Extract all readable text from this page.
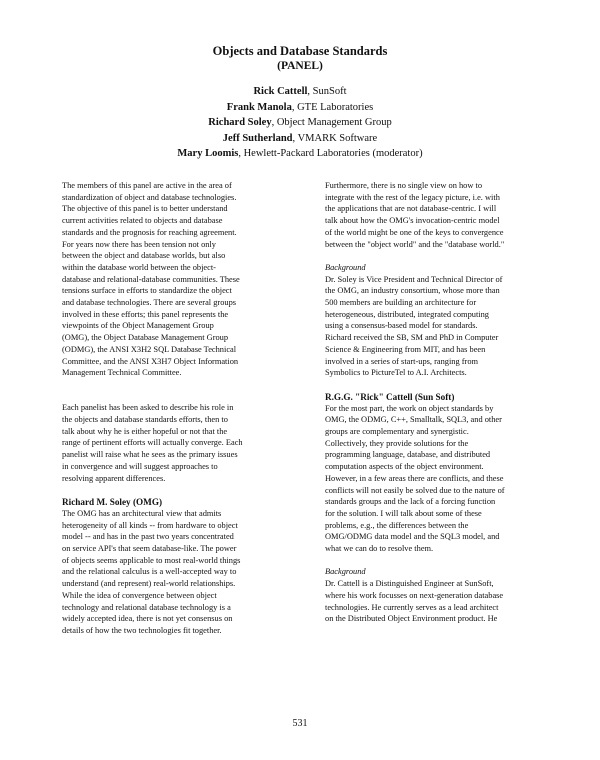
Objects and Database Standards
(PANEL)
Rick Cattell, SunSoft
Frank Manola, GTE Laboratories
Richard Soley, Object Management Group
Jeff Sutherland, VMARK Software
Mary Loomis, Hewlett-Packard Laboratories (moderator)

The members of this panel are active in the area of

standardization of object and database technologies.

The objective of this panel is to better understand

current activities related to objects and database

standards and the prognosis for reaching agreement.

For years now there has been tension not only

between the object and database worlds, but also

within the database world between the object-

database and relational-database communities. These

tensions surface in efforts to standardize the object

and database technologies. There are several groups

involved in these efforts; this panel represents the

viewpoints of the Object Management Group

(OMG), the Object Database Management Group

(ODMG), the ANSI X3H2 SQL Database Technical

Committee, and the ANSI X3H7 Object Information

Management Technical Committee.

Each panelist has been asked to describe his role in

the objects and database standards efforts, then to

talk about why he is either hopeful or not that the

range of pertinent efforts will actually converge. Each

panelist will raise what he sees as the primary issues

in convergence and will suggest approaches to

resolving apparent differences.

Richard M. Soley (OMG)

The OMG has an architectural view that admits

heterogeneity of all kinds -- from hardware to object

model -- and has in the past two years concentrated

on service API's that seem database-like. The power

of objects seems applicable to most real-world things

and the relational calculus is a well-accepted way to

understand (and represent) real-world relationships.

While the idea of convergence between object

technology and relational database technology is a

widely accepted idea, there is not yet consensus on

details of how the two technologies fit together.

Furthermore, there is no single view on how to

integrate with the rest of the legacy picture, i.e. with

the applications that are not database-centric. I will

talk about how the OMG's invocation-centric model

of the world might be one of the keys to convergence

between the "object world" and the "database world."

Background

Dr. Soley is Vice President and Technical Director of

the OMG, an industry consortium, whose more than

500 members are building an architecture for

heterogeneous, distributed, integrated computing

using a consensus-based model for standards.

Richard received the SB, SM and PhD in Computer

Science & Engineering from MIT, and has been

involved in a series of start-ups, ranging from

Symbolics to PictureTel to A.I. Architects.

R.G.G. "Rick" Cattell (Sun Soft)

For the most part, the work on object standards by

OMG, the ODMG, C++, Smalltalk, SQL3, and other

groups are complementary and synergistic.

Collectively, they provide solutions for the

programming language, database, and distributed

computation aspects of the object environment.

However, in a few areas there are conflicts, and these

conflicts will not easily be solved due to the nature of

standards groups and the lack of a forcing function

for the solution. I will talk about some of these

problems, e.g., the differences between the

OMG/ODMG data model and the SQL3 model, and

what we can do to resolve them.

Background

Dr. Cattell is a Distinguished Engineer at SunSoft,

where his work focusses on next-generation database

technologies. He currently serves as a lead architect

on the Distributed Object Environment product. He

531
